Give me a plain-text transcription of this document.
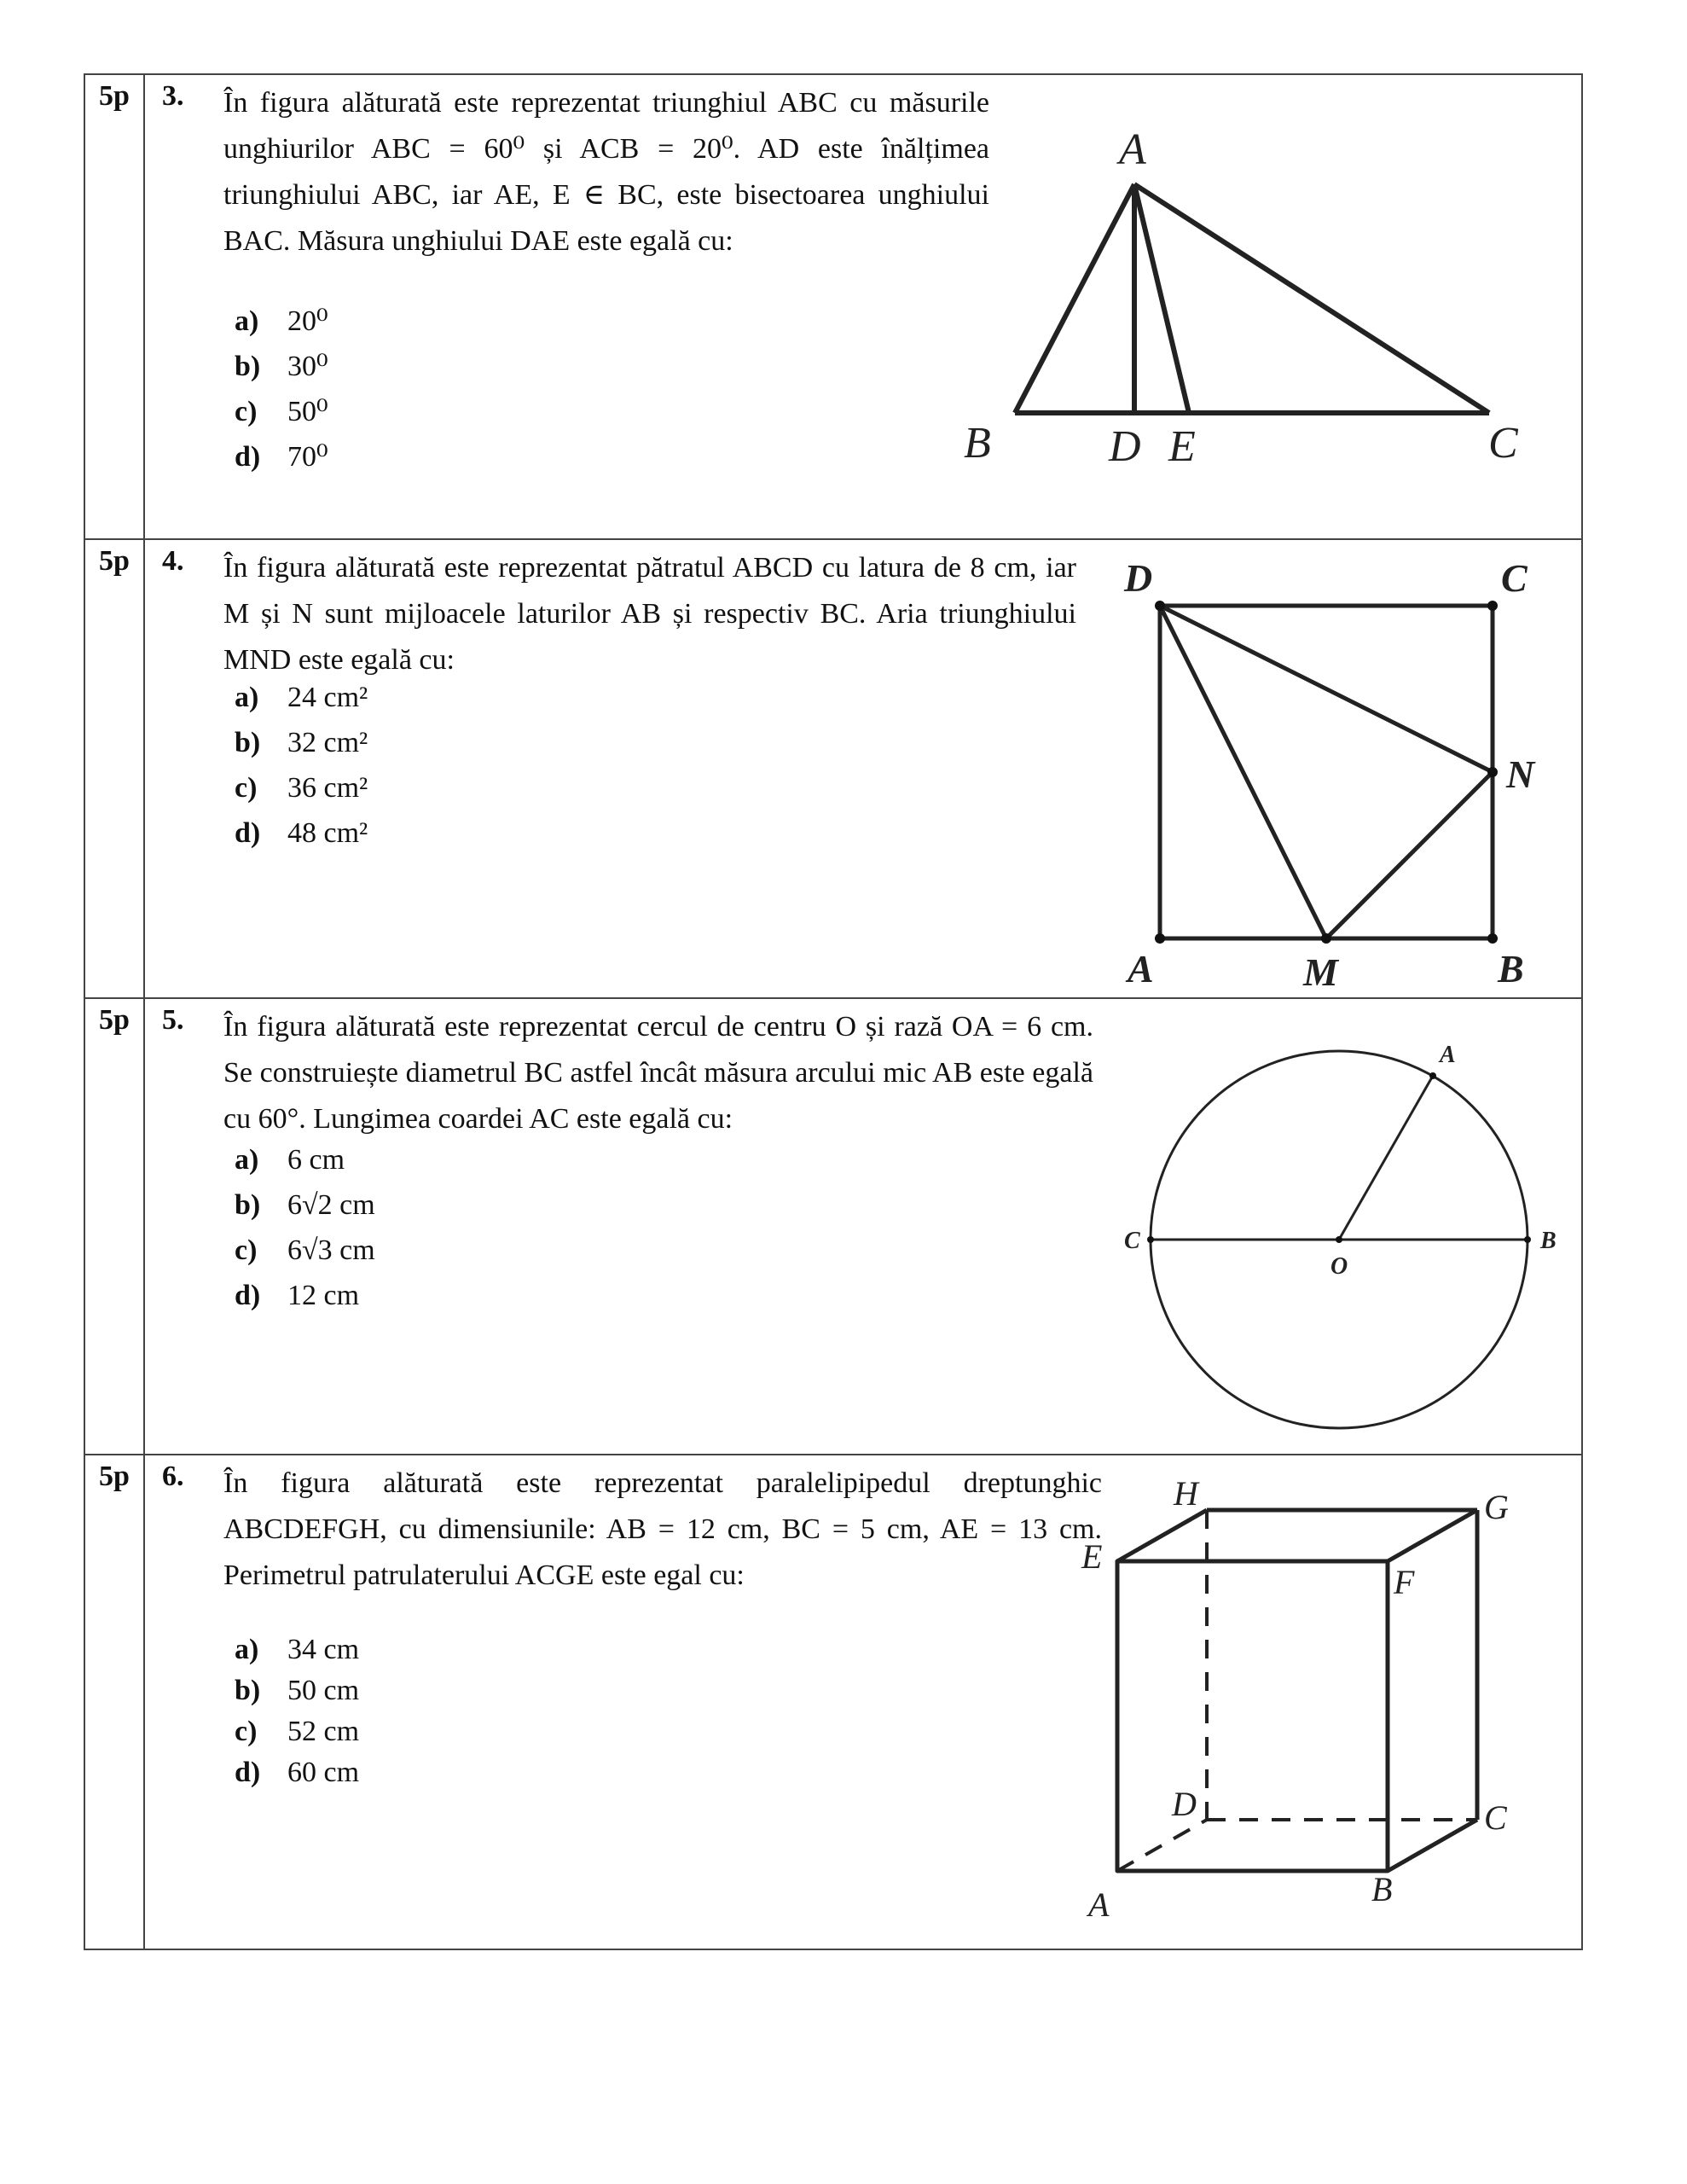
5p	3. În figura alăturată este reprezentat triunghiul ABC cu măsurile unghiurilor ABC = 60⁰ și ACB = 20⁰. AD este înălțimea triunghiului ABC, iar AE, E ∈ BC, este bisectoarea unghiului BAC. Măsura unghiului DAE este egală cu:
a) 20⁰
b) 30⁰
c) 50⁰
d) 70⁰
A
B	D E	C
5p	4. În figura alăturată este reprezentat pătratul ABCD cu latura de 8 cm, iar M și N sunt mijloacele laturilor AB și respectiv BC. Aria triunghiului MND este egală cu:
a) 24 cm²
b) 32 cm²
c) 36 cm²
d) 48 cm²
D	C
N
A	M	B
5p	5. În figura alăturată este reprezentat cercul de centru O și rază OA = 6 cm. Se construiește diametrul BC astfel încât măsura arcului mic AB este egală cu 60°. Lungimea coardei AC este egală cu:
a) 6 cm
b) 6√2 cm
c) 6√3 cm
d) 12 cm
A
C
O
B
5p	6. În figura alăturată este reprezentat paralelipipedul dreptunghic ABCDEFGH, cu dimensiunile: AB = 12 cm, BC = 5 cm, AE = 13 cm. Perimetrul patrulaterului ACGE este egal cu:
a) 34 cm
b) 50 cm
c) 52 cm
d) 60 cm
H	G
E
F
D	C
A	B
